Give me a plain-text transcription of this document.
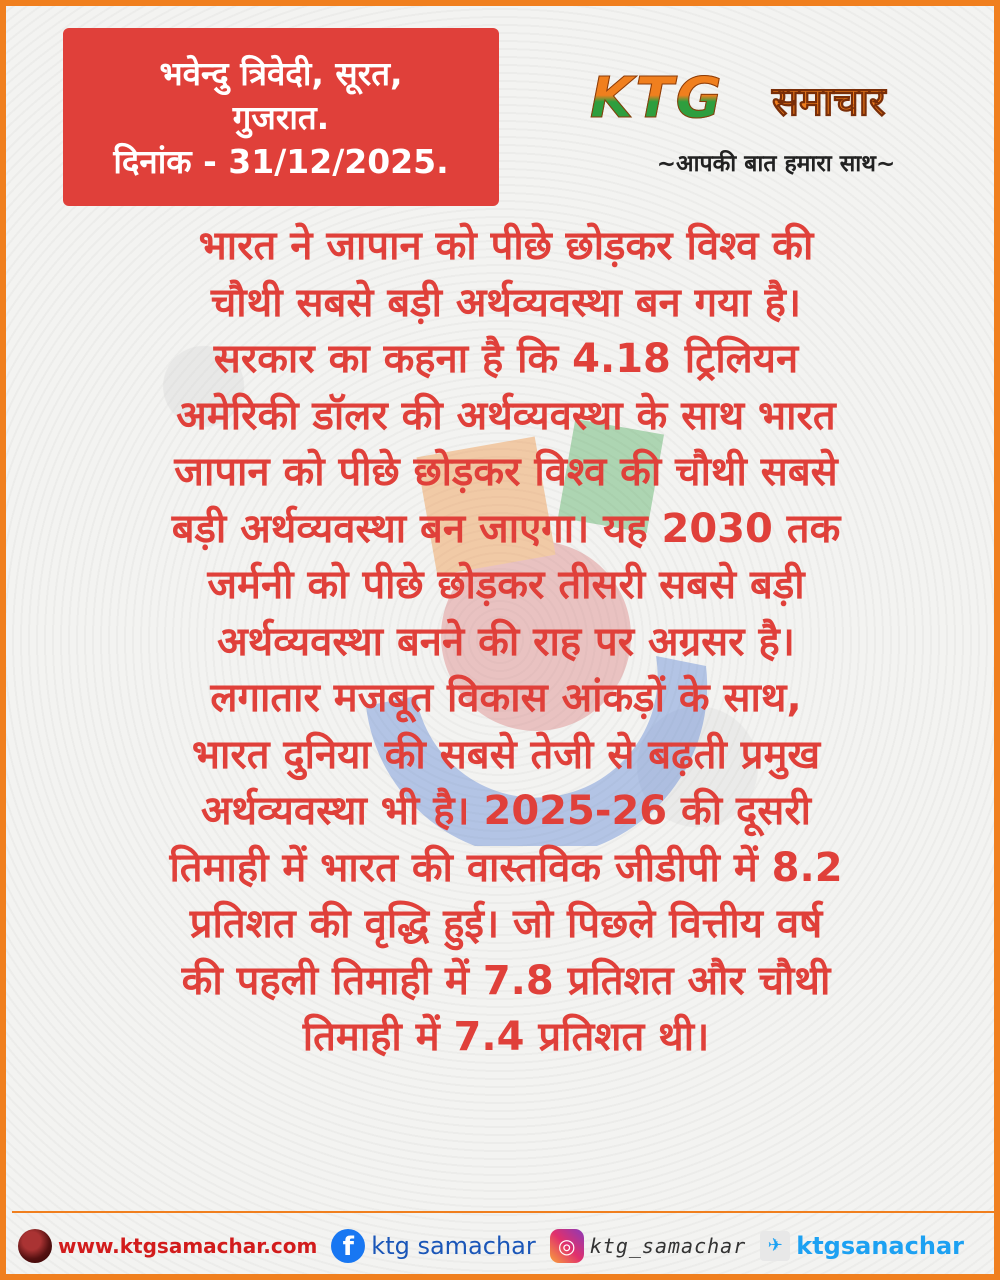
भवेन्दु त्रिवेदी, सूरत,
गुजरात.
दिनांक - 31/12/2025.
KTG समाचार
~आपकी बात हमारा साथ~
भारत ने जापान को पीछे छोड़कर विश्व की
चौथी सबसे बड़ी अर्थव्यवस्था बन गया है।
सरकार का कहना है कि 4.18 ट्रिलियन
अमेरिकी डॉलर की अर्थव्यवस्था के साथ भारत
जापान को पीछे छोड़कर विश्व की चौथी सबसे
बड़ी अर्थव्यवस्था बन जाएगा। यह 2030 तक
जर्मनी को पीछे छोड़कर तीसरी सबसे बड़ी
अर्थव्यवस्था बनने की राह पर अग्रसर है।
लगातार मजबूत विकास आंकड़ों के साथ,
भारत दुनिया की सबसे तेजी से बढ़ती प्रमुख
अर्थव्यवस्था भी है। 2025-26 की दूसरी
तिमाही में भारत की वास्तविक जीडीपी में 8.2
प्रतिशत की वृद्धि हुई। जो पिछले वित्तीय वर्ष
की पहली तिमाही में 7.8 प्रतिशत और चौथी
तिमाही में 7.4 प्रतिशत थी।
www.ktgsamachar.com f ktg samachar	◎ ktg_samachar	✈ ktgsanachar
